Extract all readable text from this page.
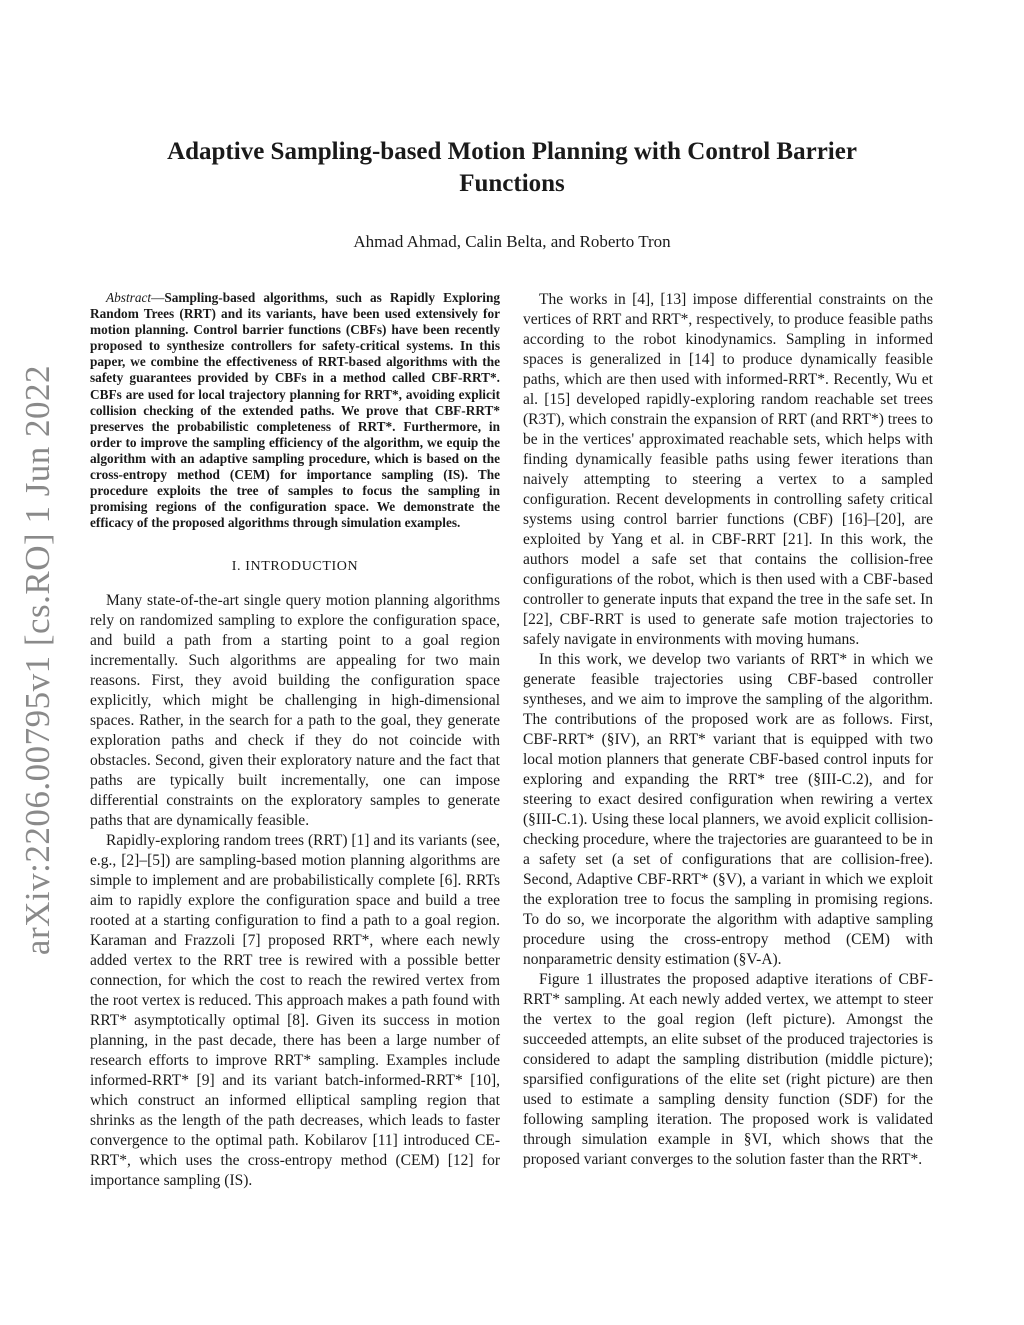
arXiv:2206.00795v1 [cs.RO] 1 Jun 2022
Adaptive Sampling-based Motion Planning with Control Barrier Functions
Ahmad Ahmad, Calin Belta, and Roberto Tron

Abstract—Sampling-based algorithms, such as Rapidly Exploring Random Trees (RRT) and its variants, have been used extensively for motion planning. Control barrier functions (CBFs) have been recently proposed to synthesize controllers for safety-critical systems. In this paper, we combine the effectiveness of RRT-based algorithms with the safety guarantees provided by CBFs in a method called CBF-RRT*. CBFs are used for local trajectory planning for RRT*, avoiding explicit collision checking of the extended paths. We prove that CBF-RRT* preserves the probabilistic completeness of RRT*. Furthermore, in order to improve the sampling efficiency of the algorithm, we equip the algorithm with an adaptive sampling procedure, which is based on the cross-entropy method (CEM) for importance sampling (IS). The procedure exploits the tree of samples to focus the sampling in promising regions of the configuration space. We demonstrate the efficacy of the proposed algorithms through simulation examples.

I. INTRODUCTION

Many state-of-the-art single query motion planning algorithms rely on randomized sampling to explore the configuration space, and build a path from a starting point to a goal region incrementally. Such algorithms are appealing for two main reasons. First, they avoid building the configuration space explicitly, which might be challenging in high-dimensional spaces. Rather, in the search for a path to the goal, they generate exploration paths and check if they do not coincide with obstacles. Second, given their exploratory nature and the fact that paths are typically built incrementally, one can impose differential constraints on the exploratory samples to generate paths that are dynamically feasible.

Rapidly-exploring random trees (RRT) [1] and its variants (see, e.g., [2]–[5]) are sampling-based motion planning algorithms are simple to implement and are probabilistically complete [6]. RRTs aim to rapidly explore the configuration space and build a tree rooted at a starting configuration to find a path to a goal region. Karaman and Frazzoli [7] proposed RRT*, where each newly added vertex to the RRT tree is rewired with a possible better connection, for which the cost to reach the rewired vertex from the root vertex is reduced. This approach makes a path found with RRT* asymptotically optimal [8]. Given its success in motion planning, in the past decade, there has been a large number of research efforts to improve RRT* sampling. Examples include informed-RRT* [9] and its variant batch-informed-RRT* [10], which construct an informed elliptical sampling region that shrinks as the length of the path decreases, which leads to faster convergence to the optimal path. Kobilarov [11] introduced CE-RRT*, which uses the cross-entropy method (CEM) [12] for importance sampling (IS).

The works in [4], [13] impose differential constraints on the vertices of RRT and RRT*, respectively, to produce feasible paths according to the robot kinodynamics. Sampling in informed spaces is generalized in [14] to produce dynamically feasible paths, which are then used with informed-RRT*. Recently, Wu et al. [15] developed rapidly-exploring random reachable set trees (R3T), which constrain the expansion of RRT (and RRT*) trees to be in the vertices' approximated reachable sets, which helps with finding dynamically feasible paths using fewer iterations than naively attempting to steering a vertex to a sampled configuration. Recent developments in controlling safety critical systems using control barrier functions (CBF) [16]–[20], are exploited by Yang et al. in CBF-RRT [21]. In this work, the authors model a safe set that contains the collision-free configurations of the robot, which is then used with a CBF-based controller to generate inputs that expand the tree in the safe set. In [22], CBF-RRT is used to generate safe motion trajectories to safely navigate in environments with moving humans.

In this work, we develop two variants of RRT* in which we generate feasible trajectories using CBF-based controller syntheses, and we aim to improve the sampling of the algorithm. The contributions of the proposed work are as follows. First, CBF-RRT* (§IV), an RRT* variant that is equipped with two local motion planners that generate CBF-based control inputs for exploring and expanding the RRT* tree (§III-C.2), and for steering to exact desired configuration when rewiring a vertex (§III-C.1). Using these local planners, we avoid explicit collision-checking procedure, where the trajectories are guaranteed to be in a safety set (a set of configurations that are collision-free). Second, Adaptive CBF-RRT* (§V), a variant in which we exploit the exploration tree to focus the sampling in promising regions. To do so, we incorporate the algorithm with adaptive sampling procedure using the cross-entropy method (CEM) with nonparametric density estimation (§V-A).

Figure 1 illustrates the proposed adaptive iterations of CBF-RRT* sampling. At each newly added vertex, we attempt to steer the vertex to the goal region (left picture). Amongst the succeeded attempts, an elite subset of the produced trajectories is considered to adapt the sampling distribution (middle picture); sparsified configurations of the elite set (right picture) are then used to estimate a sampling density function (SDF) for the following sampling iteration. The proposed work is validated through simulation example in §VI, which shows that the proposed variant converges to the solution faster than the RRT*.
